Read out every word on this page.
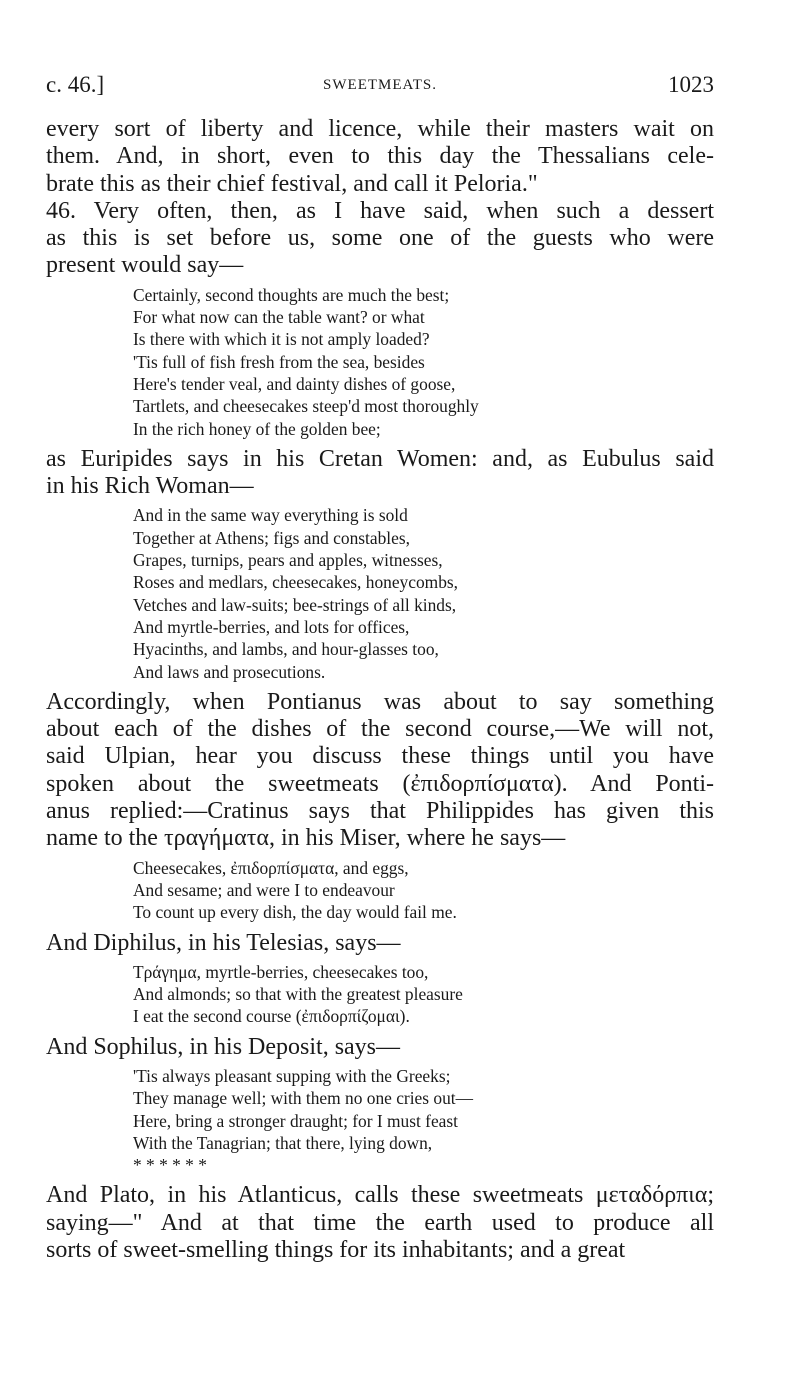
c. 46.]	SWEETMEATS.	1023
every sort of liberty and licence, while their masters wait on
them. And, in short, even to this day the Thessalians cele-
brate this as their chief festival, and call it Peloria."
46. Very often, then, as I have said, when such a dessert
as this is set before us, some one of the guests who were
present would say—
Certainly, second thoughts are much the best;
For what now can the table want? or what
Is there with which it is not amply loaded?
'Tis full of fish fresh from the sea, besides
Here's tender veal, and dainty dishes of goose,
Tartlets, and cheesecakes steep'd most thoroughly
In the rich honey of the golden bee;
as Euripides says in his Cretan Women: and, as Eubulus said
in his Rich Woman—
And in the same way everything is sold
Together at Athens; figs and constables,
Grapes, turnips, pears and apples, witnesses,
Roses and medlars, cheesecakes, honeycombs,
Vetches and law-suits; bee-strings of all kinds,
And myrtle-berries, and lots for offices,
Hyacinths, and lambs, and hour-glasses too,
And laws and prosecutions.
Accordingly, when Pontianus was about to say something
about each of the dishes of the second course,—We will not,
said Ulpian, hear you discuss these things until you have
spoken about the sweetmeats (ἐπιδορπίσματα). And Ponti-
anus replied:—Cratinus says that Philippides has given this
name to the τραγήματα, in his Miser, where he says—
Cheesecakes, ἐπιδορπίσματα, and eggs,
And sesame; and were I to endeavour
To count up every dish, the day would fail me.
And Diphilus, in his Telesias, says—
Τράγημα, myrtle-berries, cheesecakes too,
And almonds; so that with the greatest pleasure
I eat the second course (ἐπιδορπίζομαι).
And Sophilus, in his Deposit, says—
'Tis always pleasant supping with the Greeks;
They manage well; with them no one cries out—
Here, bring a stronger draught; for I must feast
With the Tanagrian; that there, lying down,
* * * * * *
And Plato, in his Atlanticus, calls these sweetmeats μεταδόρπια;
saying—" And at that time the earth used to produce all
sorts of sweet-smelling things for its inhabitants; and a great
